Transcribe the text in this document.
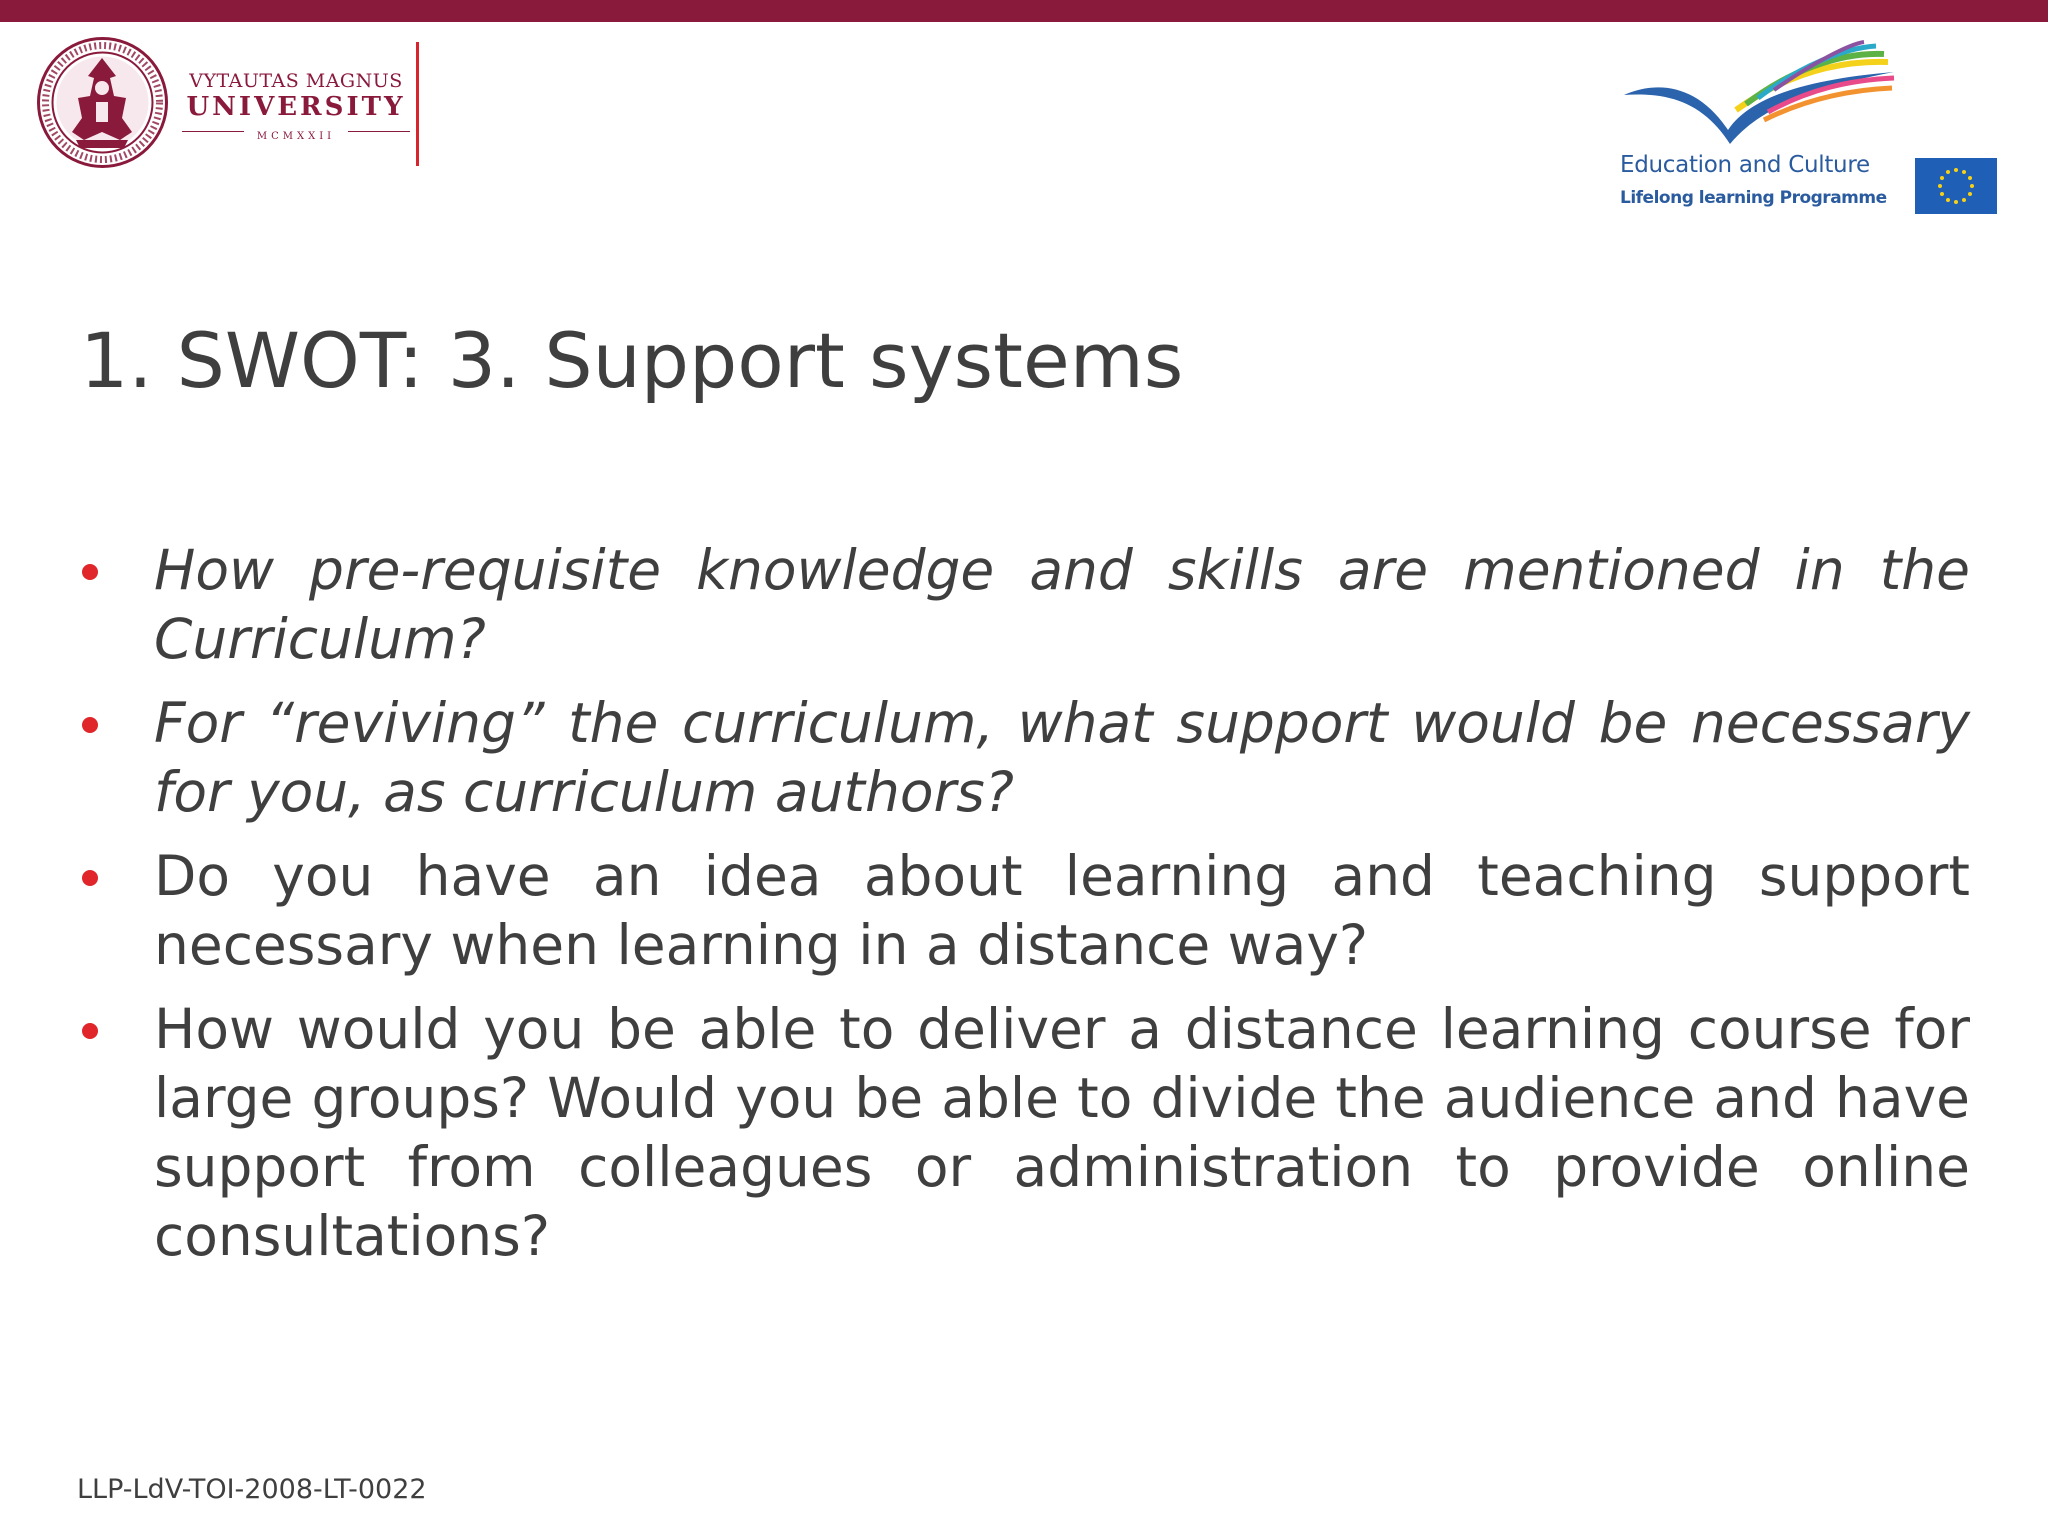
VYTAUTAS MAGNUS
UNIVERSITY
MCMXXII
Education and Culture
Lifelong learning Programme
1. SWOT: 3. Support systems
How pre-requisite knowledge and skills are mentioned in the Curriculum?
For “reviving” the curriculum, what support would be necessary for you, as curriculum authors?
Do you have an idea about learning and teaching support necessary when learning in a distance way?
How would you be able to deliver a distance learning course for large groups? Would you be able to divide the audience and have support from colleagues or administration to provide online consultations?
LLP-LdV-TOI-2008-LT-0022
